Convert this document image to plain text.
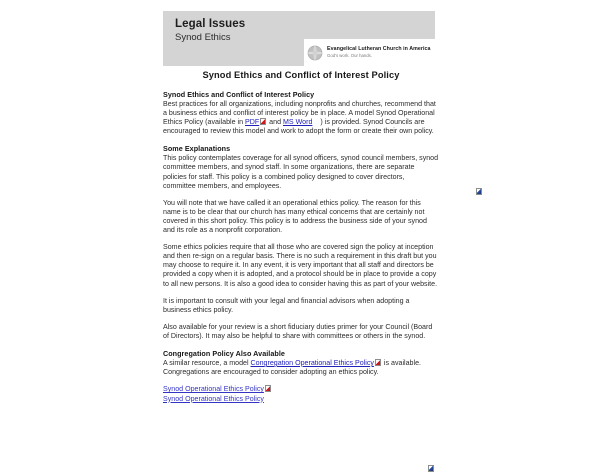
Legal Issues
Synod Ethics
Evangelical Lutheran Church in America
God's work. Our hands.
Synod Ethics and Conflict of Interest Policy
Synod Ethics and Conflict of Interest Policy

Best practices for all organizations, including nonprofits and churches, recommend that a business ethics and conflict of interest policy be in place. A model Synod Operational Ethics Policy (available in PDF and MS Word ) is provided. Synod Councils are encouraged to review this model and work to adopt the form or create their own policy.

Some Explanations

This policy contemplates coverage for all synod officers, synod council members, synod committee members, and synod staff. In some organizations, there are separate policies for staff. This policy is a combined policy designed to cover directors, committee members, and employees.

You will note that we have called it an operational ethics policy. The reason for this name is to be clear that our church has many ethical concerns that are certainly not covered in this short policy. This policy is to address the business side of your synod and its role as a nonprofit corporation.

Some ethics policies require that all those who are covered sign the policy at inception and then re-sign on a regular basis. There is no such a requirement in this draft but you may choose to require it. In any event, it is very important that all staff and directors be provided a copy when it is adopted, and a protocol should be in place to provide a copy to all new persons. It is also a good idea to consider having this as part of your website.

It is important to consult with your legal and financial advisors when adopting a business ethics policy.

Also available for your review is a short fiduciary duties primer for your Council (Board of Directors). It may also be helpful to share with committees or others in the synod.

Congregation Policy Also Available

A similar resource, a model Congregation Operational Ethics Policy is available. Congregations are encouraged to consider adopting an ethics policy.

Synod Operational Ethics Policy
Synod Operational Ethics Policy
